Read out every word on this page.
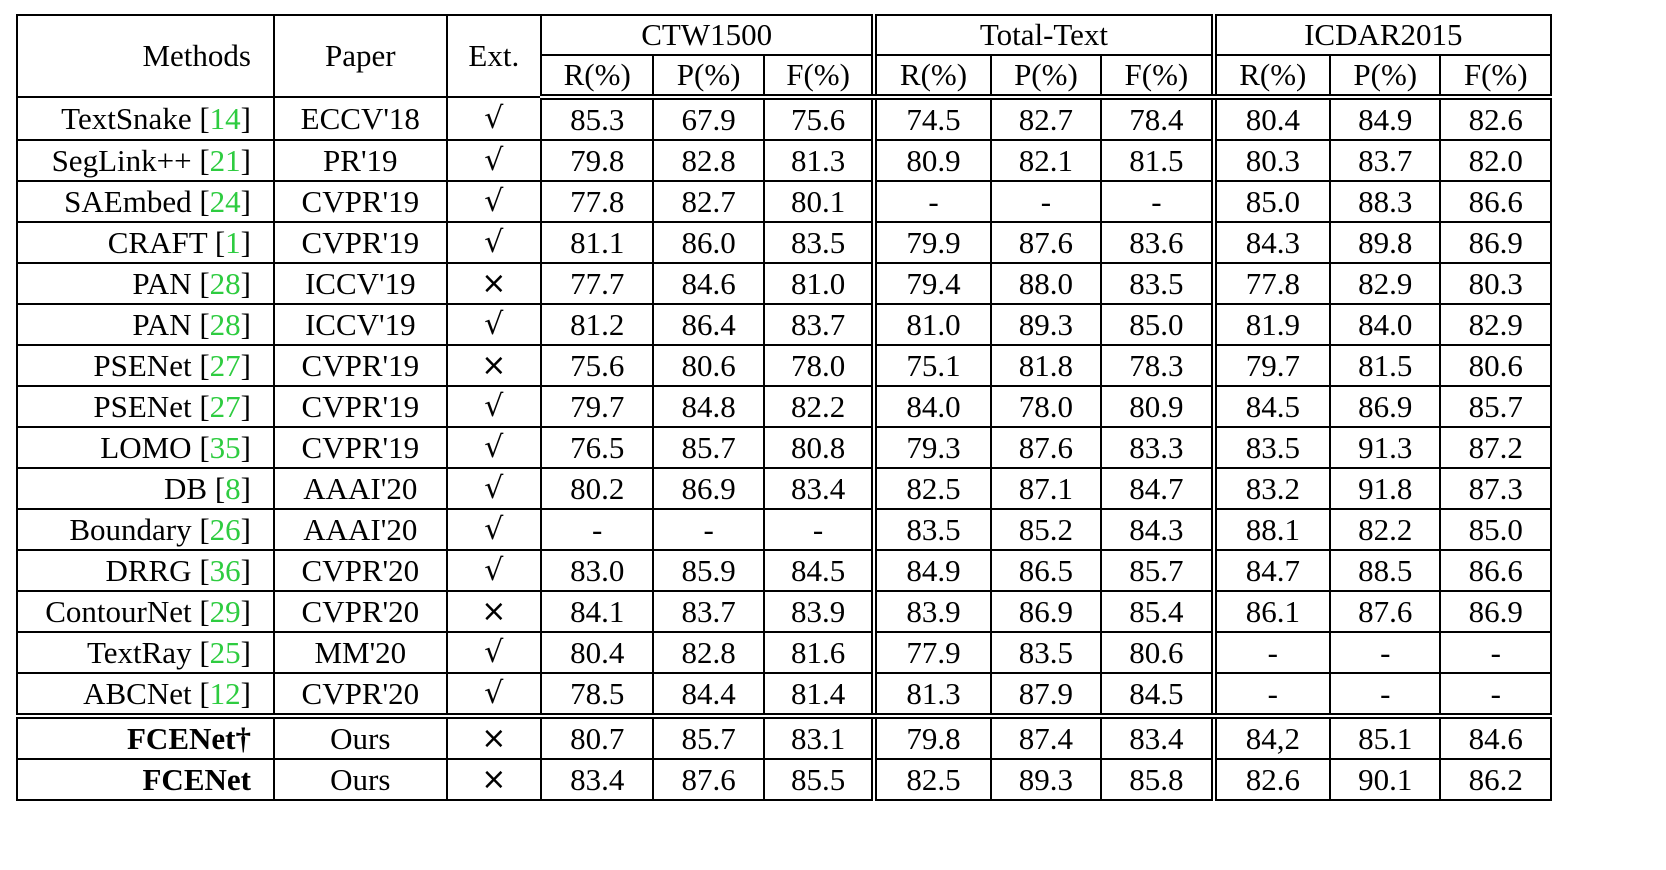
Methods	Paper	Ext.	CTW1500			Total-Text			ICDAR2015		
			R(%)	P(%)	F(%)	R(%)	P(%)	F(%)	R(%)	P(%)	F(%)
TextSnake [14]	ECCV'18	√	85.3	67.9	75.6	74.5	82.7	78.4	80.4	84.9	82.6
SegLink++ [21]	PR'19	√	79.8	82.8	81.3	80.9	82.1	81.5	80.3	83.7	82.0
SAEmbed [24]	CVPR'19	√	77.8	82.7	80.1	-	-	-	85.0	88.3	86.6
CRAFT [1]	CVPR'19	√	81.1	86.0	83.5	79.9	87.6	83.6	84.3	89.8	86.9
PAN [28]	ICCV'19	×	77.7	84.6	81.0	79.4	88.0	83.5	77.8	82.9	80.3
PAN [28]	ICCV'19	√	81.2	86.4	83.7	81.0	89.3	85.0	81.9	84.0	82.9
PSENet [27]	CVPR'19	×	75.6	80.6	78.0	75.1	81.8	78.3	79.7	81.5	80.6
PSENet [27]	CVPR'19	√	79.7	84.8	82.2	84.0	78.0	80.9	84.5	86.9	85.7
LOMO [35]	CVPR'19	√	76.5	85.7	80.8	79.3	87.6	83.3	83.5	91.3	87.2
DB [8]	AAAI'20	√	80.2	86.9	83.4	82.5	87.1	84.7	83.2	91.8	87.3
Boundary [26]	AAAI'20	√	-	-	-	83.5	85.2	84.3	88.1	82.2	85.0
DRRG [36]	CVPR'20	√	83.0	85.9	84.5	84.9	86.5	85.7	84.7	88.5	86.6
ContourNet [29]	CVPR'20	×	84.1	83.7	83.9	83.9	86.9	85.4	86.1	87.6	86.9
TextRay [25]	MM'20	√	80.4	82.8	81.6	77.9	83.5	80.6	-	-	-
ABCNet [12]	CVPR'20	√	78.5	84.4	81.4	81.3	87.9	84.5	-	-	-
FCENet†	Ours	×	80.7	85.7	83.1	79.8	87.4	83.4	84,2	85.1	84.6
FCENet	Ours	×	83.4	87.6	85.5	82.5	89.3	85.8	82.6	90.1	86.2
